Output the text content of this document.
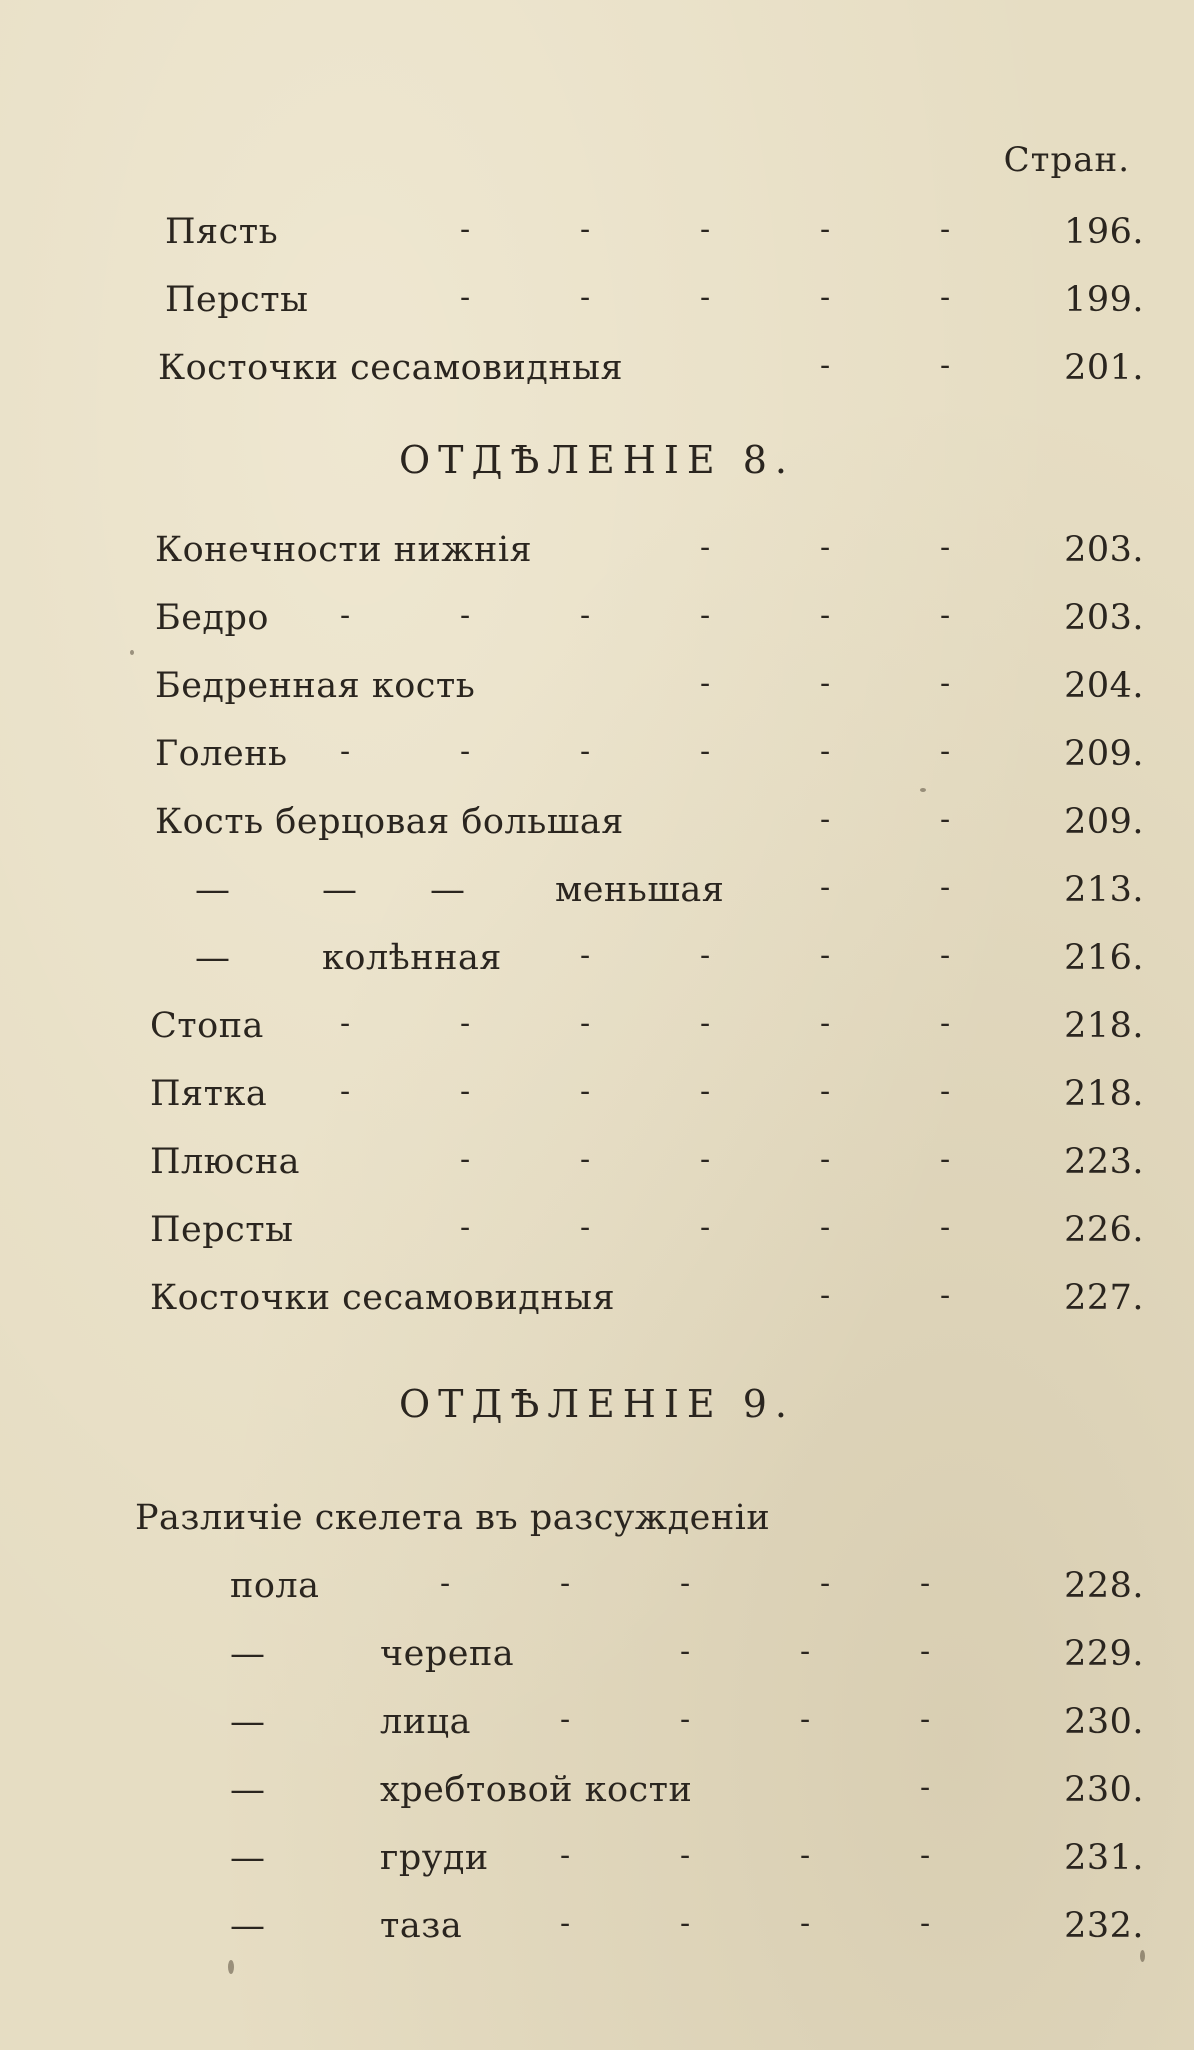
Cтpaн.
Пясть	-	-	-	-	-	196.
Персты	-	-	-	-	-	199.
Косточки сесамовидныя	-	-	201.
ОТДѢЛЕНІЕ 8.
Конечности нижнія	-	-	-	203.
Бедро -	-	-	-	-	-	203.
Бедренная кость	-	-	-	204.
Голень -	-	-	-	-	-	209.
Кость берцовая большая	-	-	209.
—	— —	меньшая	-	-	213.
—	колѣнная	-	-	-	-	216.
Стопа	-	-	-	-	-	-	218.
Пятка -	-	-	-	-	-	218.
Плюсна	-	-	-	-	-	223.
Персты	-	-	-	-	-	226.
Косточки сесамовидныя	-	-	227.
ОТДѢЛЕНІЕ 9.
Различіе скелета въ разсужденіи
пола	-	-	-	-	-	228.
—	черепа	-	-	-	229.
—	лица	-	-	-	-	230.
—	хребтовой кости	-	230.
—	груди -	-	-	-	231.
—	таза	-	-	-	-	232.
